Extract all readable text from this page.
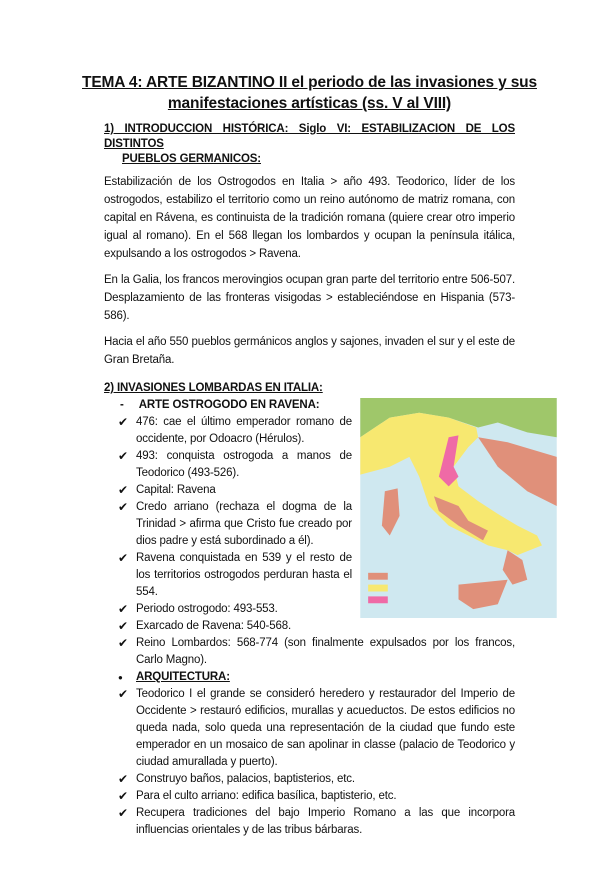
TEMA 4: ARTE BIZANTINO II el periodo de las invasiones y sus
manifestaciones artísticas (ss. V al VIII)

1) INTRODUCCION HISTÓRICA: Siglo VI: ESTABILIZACION DE LOS DISTINTOS

PUEBLOS GERMANICOS:

Estabilización de los Ostrogodos en Italia > año 493. Teodorico, líder de los ostrogodos, estabilizo el territorio como un reino autónomo de matriz romana, con capital en Rávena, es continuista de la tradición romana (quiere crear otro imperio igual al romano). En el 568 llegan los lombardos y ocupan la península itálica, expulsando a los ostrogodos > Ravena.

En la Galia, los francos merovingios ocupan gran parte del territorio entre 506-507. Desplazamiento de las fronteras visigodas > estableciéndose en Hispania (573-586).

Hacia el año 550 pueblos germánicos anglos y sajones, invaden el sur y el este de Gran Bretaña.

2) INVASIONES LOMBARDAS EN ITALIA:

- ARTE OSTROGODO EN RAVENA:

✔ 476: cae el último emperador romano de occidente, por Odoacro (Hérulos).
✔ 493: conquista ostrogoda a manos de Teodorico (493-526).
✔ Capital: Ravena
✔ Credo arriano (rechaza el dogma de la Trinidad > afirma que Cristo fue creado por dios padre y está subordinado a él).
✔ Ravena conquistada en 539 y el resto de los territorios ostrogodos perduran hasta el 554.
✔ Periodo ostrogodo: 493-553.
✔ Exarcado de Ravena: 540-568.
✔ Reino Lombardos: 568-774 (son finalmente expulsados por los francos, Carlo Magno).
● ARQUITECTURA:
✔ Teodorico I el grande se consideró heredero y restaurador del Imperio de Occidente > restauró edificios, murallas y acueductos. De estos edificios no queda nada, solo queda una representación de la ciudad que fundo este emperador en un mosaico de san apolinar in classe (palacio de Teodorico y ciudad amurallada y puerto).
✔ Construyo baños, palacios, baptisterios, etc.
✔ Para el culto arriano: edifica basílica, baptisterio, etc.
✔ Recupera tradiciones del bajo Imperio Romano a las que incorpora influencias orientales y de las tribus bárbaras.
